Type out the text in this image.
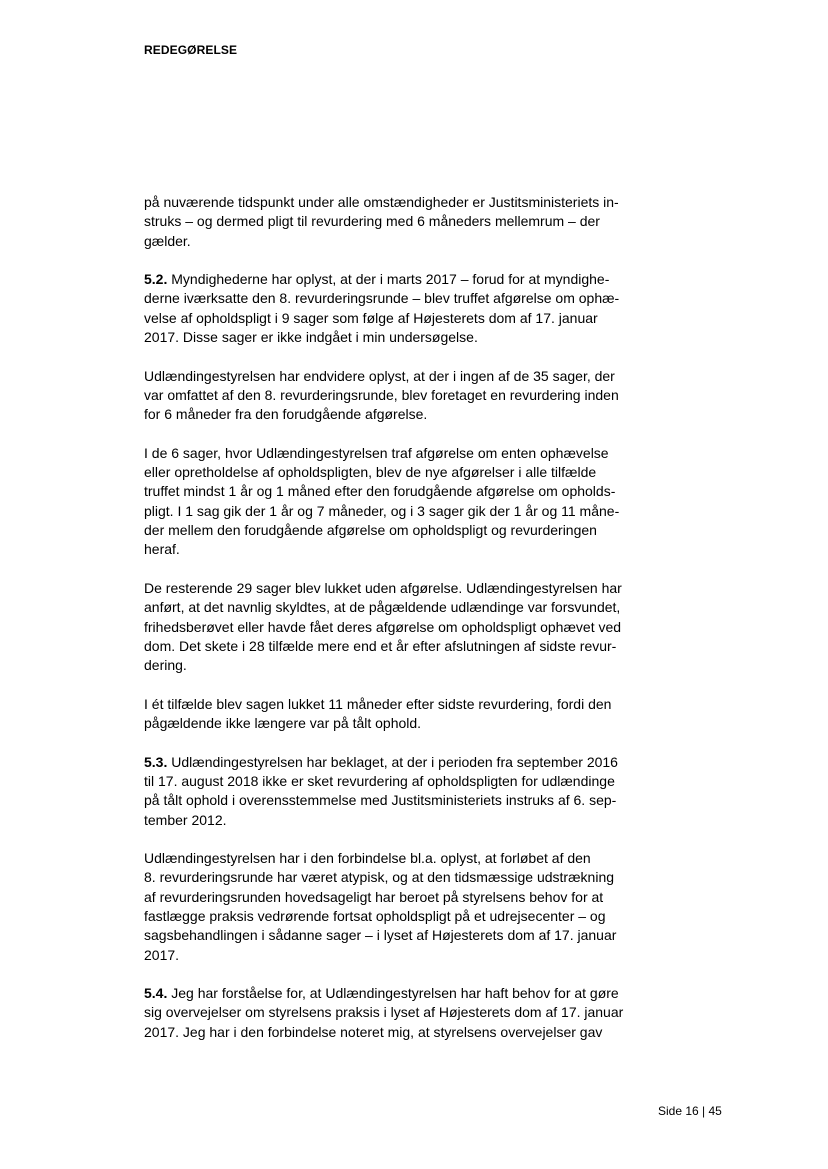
REDEGØRELSE
på nuværende tidspunkt under alle omstændigheder er Justitsministeriets in-
struks – og dermed pligt til revurdering med 6 måneders mellemrum – der
gælder.
5.2. Myndighederne har oplyst, at der i marts 2017 – forud for at myndighe-
derne iværksatte den 8. revurderingsrunde – blev truffet afgørelse om ophæ-
velse af opholdspligt i 9 sager som følge af Højesterets dom af 17. januar
2017. Disse sager er ikke indgået i min undersøgelse.
Udlændingestyrelsen har endvidere oplyst, at der i ingen af de 35 sager, der
var omfattet af den 8. revurderingsrunde, blev foretaget en revurdering inden
for 6 måneder fra den forudgående afgørelse.
I de 6 sager, hvor Udlændingestyrelsen traf afgørelse om enten ophævelse
eller opretholdelse af opholdspligten, blev de nye afgørelser i alle tilfælde
truffet mindst 1 år og 1 måned efter den forudgående afgørelse om opholds-
pligt. I 1 sag gik der 1 år og 7 måneder, og i 3 sager gik der 1 år og 11 måne-
der mellem den forudgående afgørelse om opholdspligt og revurderingen
heraf.
De resterende 29 sager blev lukket uden afgørelse. Udlændingestyrelsen har
anført, at det navnlig skyldtes, at de pågældende udlændinge var forsvundet,
frihedsberøvet eller havde fået deres afgørelse om opholdspligt ophævet ved
dom. Det skete i 28 tilfælde mere end et år efter afslutningen af sidste revur-
dering.
I ét tilfælde blev sagen lukket 11 måneder efter sidste revurdering, fordi den
pågældende ikke længere var på tålt ophold.
5.3. Udlændingestyrelsen har beklaget, at der i perioden fra september 2016
til 17. august 2018 ikke er sket revurdering af opholdspligten for udlændinge
på tålt ophold i overensstemmelse med Justitsministeriets instruks af 6. sep-
tember 2012.
Udlændingestyrelsen har i den forbindelse bl.a. oplyst, at forløbet af den
8. revurderingsrunde har været atypisk, og at den tidsmæssige udstrækning
af revurderingsrunden hovedsageligt har beroet på styrelsens behov for at
fastlægge praksis vedrørende fortsat opholdspligt på et udrejsecenter – og
sagsbehandlingen i sådanne sager – i lyset af Højesterets dom af 17. januar
2017.
5.4. Jeg har forståelse for, at Udlændingestyrelsen har haft behov for at gøre
sig overvejelser om styrelsens praksis i lyset af Højesterets dom af 17. januar
2017. Jeg har i den forbindelse noteret mig, at styrelsens overvejelser gav
Side 16 | 45
